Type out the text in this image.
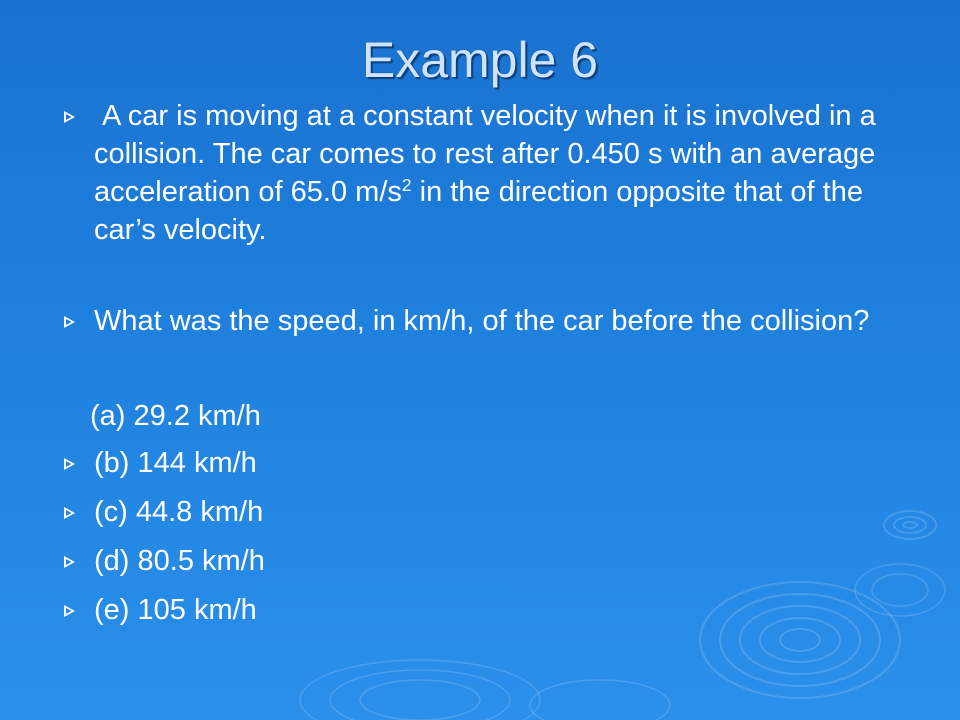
Example 6
A car is moving at a constant velocity when it is involved in a collision. The car comes to rest after 0.450 s with an average acceleration of 65.0 $m/s^2$ in the direction opposite that of the car’s velocity.
What was the speed, in km/h, of the car before the collision?
(a) 29.2 km/h
(b) 144 km/h
(c) 44.8 km/h
(d) 80.5 km/h
(e) 105 km/h
